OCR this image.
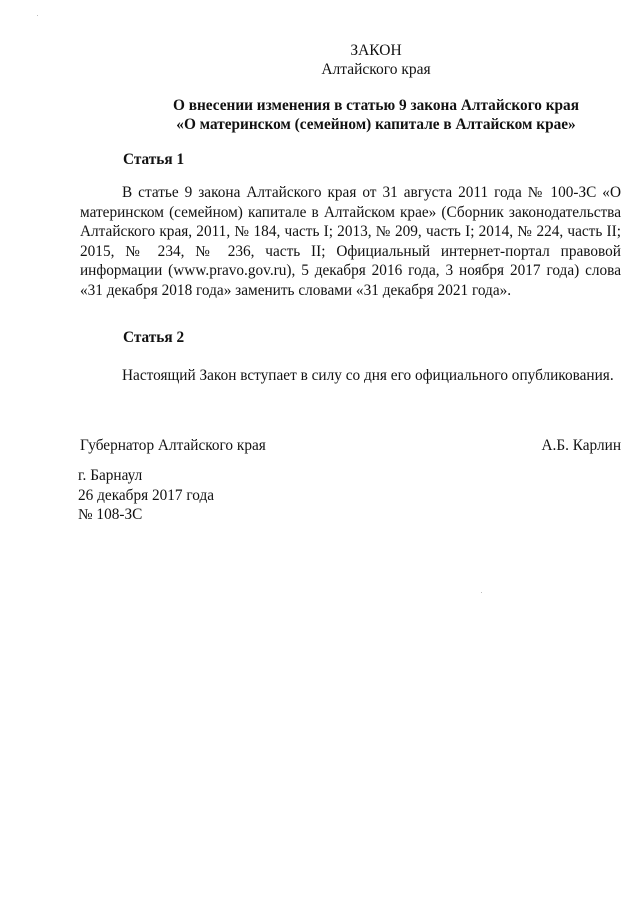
ЗАКОН
Алтайского края
О внесении изменения в статью 9 закона Алтайского края
«О материнском (семейном) капитале в Алтайском крае»
Статья 1
В статье 9 закона Алтайского края от 31 августа 2011 года № 100-ЗС «О материнском (семейном) капитале в Алтайском крае» (Сборник законодательства Алтайского края, 2011, № 184, часть I; 2013, № 209, часть I; 2014, № 224, часть II; 2015, № 234, № 236, часть II; Официальный интернет-портал правовой информации (www.pravo.gov.ru), 5 декабря 2016 года, 3 ноября 2017 года) слова «31 декабря 2018 года» заменить словами «31 декабря 2021 года».
Статья 2
Настоящий Закон вступает в силу со дня его официального опубликования.
Губернатор Алтайского края	А.Б. Карлин
г. Барнаул
26 декабря 2017 года
№ 108-ЗС
